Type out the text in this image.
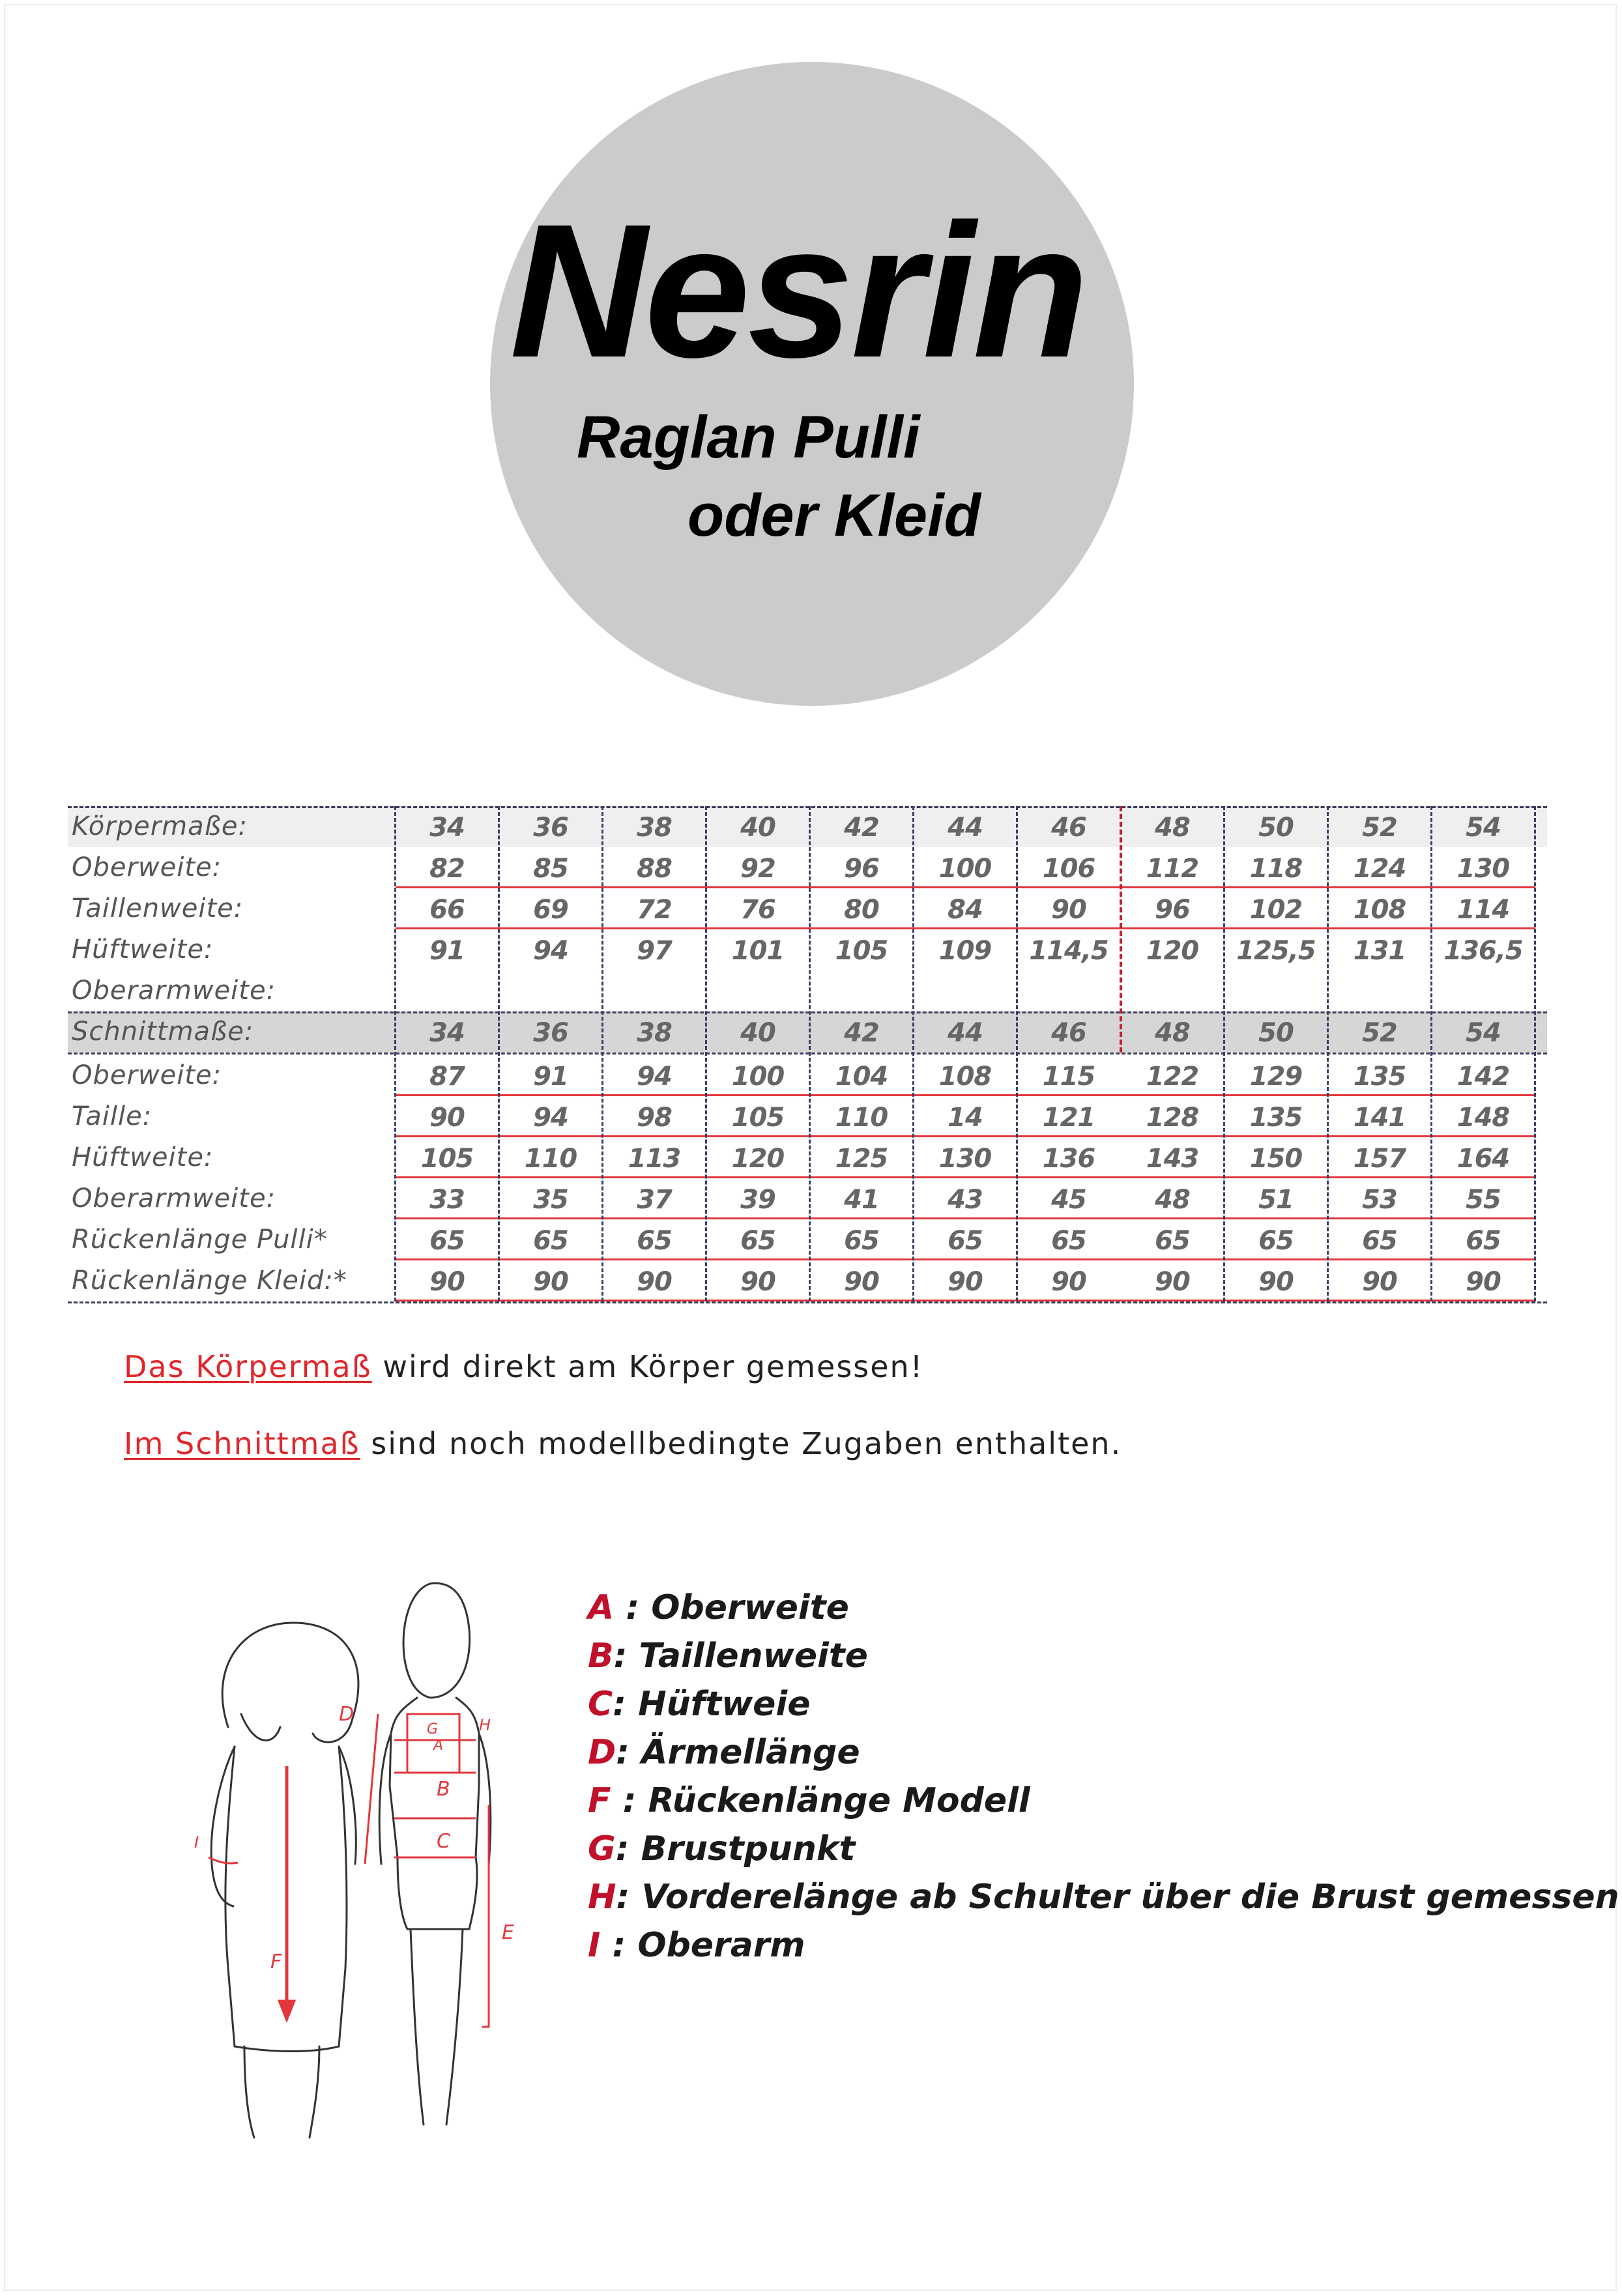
Nesrin
Raglan Pulli
oder Kleid
Körpermaße:	34	36	38	40	42	44	46	48	50	52	54
Oberweite:	82	85	88	92	96	100	106	112	118	124	130
Taillenweite:	66	69	72	76	80	84	90	96	102	108	114
Hüftweite:	91	94	97	101	105	109	114,5	120	125,5	131	136,5
Oberarmweite:
Schnittmaße:	34	36	38	40	42	44	46	48	50	52	54
Oberweite:	87	91	94	100	104	108	115	122	129	135	142
Taille:	90	94	98	105	110	14	121	128	135	141	148
Hüftweite:	105	110	113	120	125	130	136	143	150	157	164
Oberarmweite:	33	35	37	39	41	43	45	48	51	53	55
Rückenlänge Pulli*	65	65	65	65	65	65	65	65	65	65	65
Rückenlänge Kleid:*	90	90	90	90	90	90	90	90	90	90	90
Das Körpermaß wird direkt am Körper gemessen!
Im Schnittmaß sind noch modellbedingte Zugaben enthalten.
D
G
A
H
B
C
E
F
I
A : Oberweite
B: Taillenweite
C: Hüftweie
D: Ärmellänge
F : Rückenlänge Modell
G: Brustpunkt
H: Vorderelänge ab Schulter über die Brust gemessen
I : Oberarm
